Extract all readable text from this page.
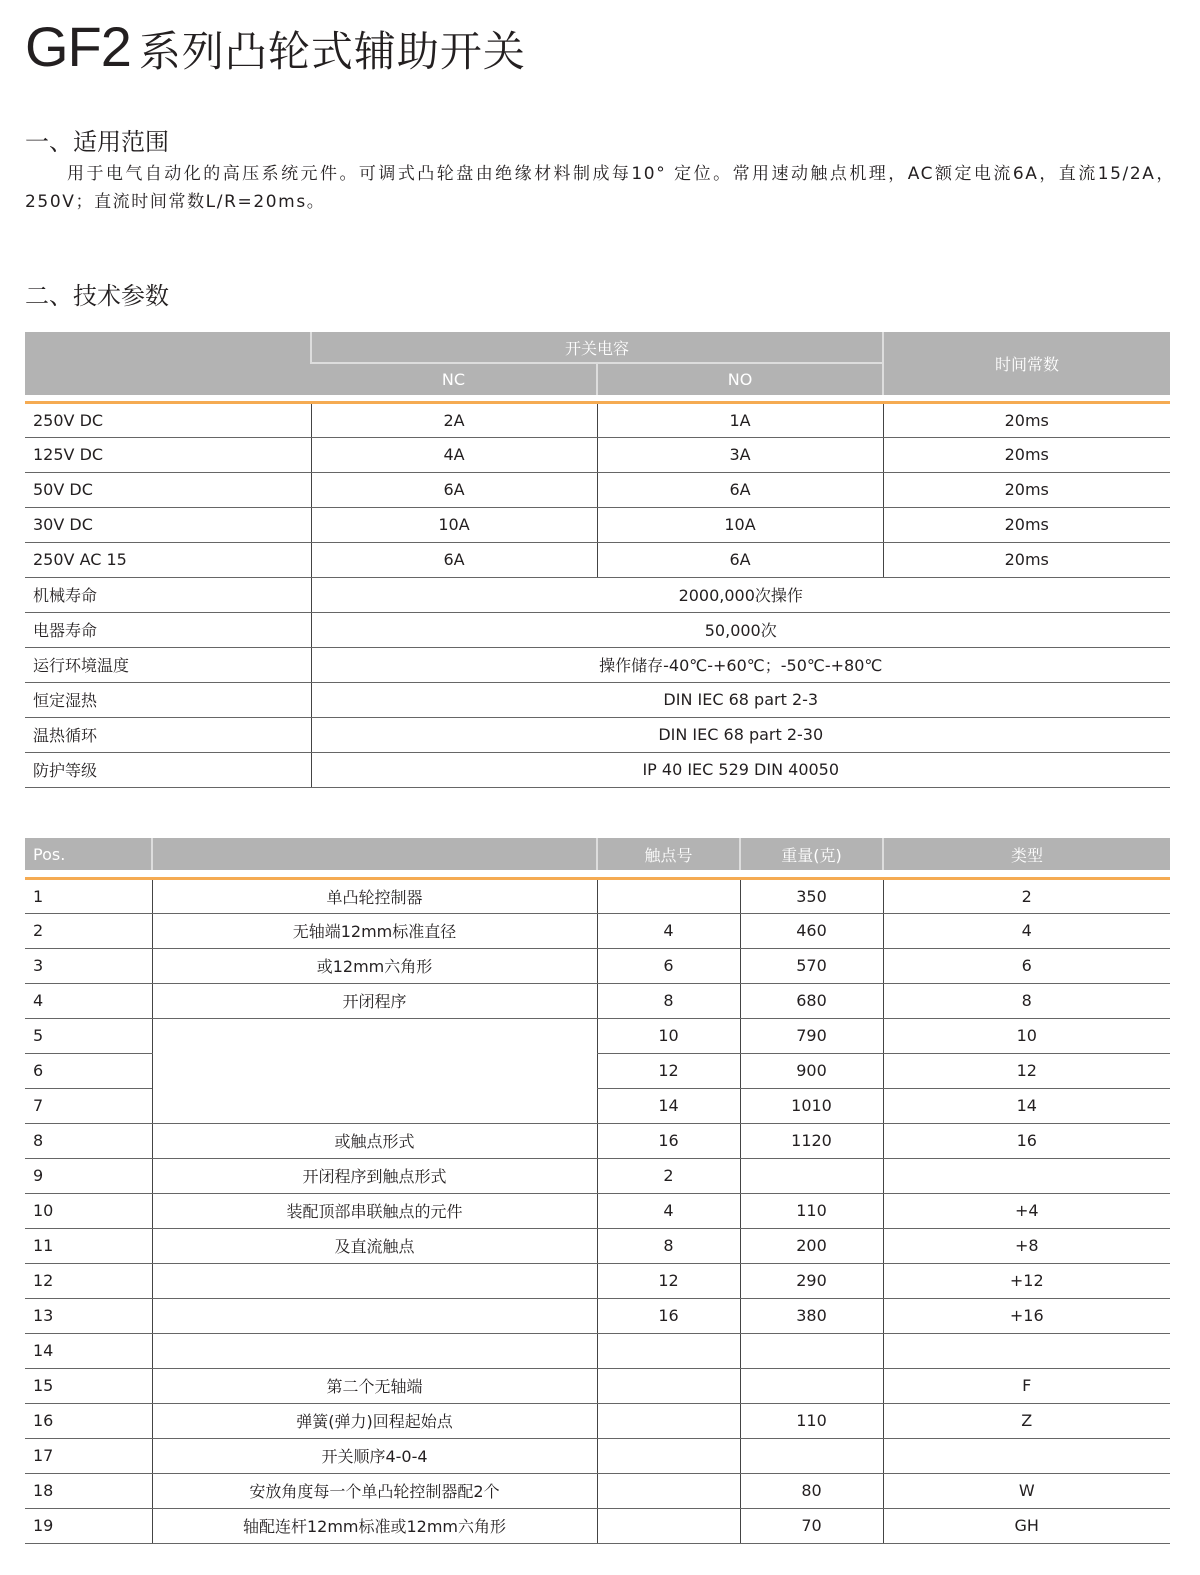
GF2 系列凸轮式辅助开关
一、适用范围
用于电气自动化的高压系统元件。可调式凸轮盘由绝缘材料制成每10° 定位。常用速动触点机理，AC额定电流6A，直流15/2A，250V；直流时间常数L/R=20ms。
二、技术参数
	开关电容		时间常数
	NC	NO	

250V DC	2A	1A	20ms
125V DC	4A	3A	20ms
50V DC	6A	6A	20ms
30V DC	10A	10A	20ms
250V AC 15	6A	6A	20ms
机械寿命	2000,000次操作		
电器寿命	50,000次		
运行环境温度	操作储存-40℃-+60℃；-50℃-+80℃		
恒定湿热	DIN IEC 68 part 2-3		
温热循环	DIN IEC 68 part 2-30		
防护等级	IP 40 IEC 529 DIN 40050		
Pos.		触点号	重量(克)	类型

1	单凸轮控制器		350	2
2	无轴端12mm标准直径	4	460	4
3	或12mm六角形	6	570	6
4	开闭程序	8	680	8
5		10	790	10
6		12	900	12
7		14	1010	14
8	或触点形式	16	1120	16
9	开闭程序到触点形式	2		
10	装配顶部串联触点的元件	4	110	+4
11	及直流触点	8	200	+8
12		12	290	+12
13		16	380	+16
14				
15	第二个无轴端			F
16	弹簧(弹力)回程起始点		110	Z
17	开关顺序4-0-4			
18	安放角度每一个单凸轮控制器配2个		80	W
19	轴配连杆12mm标准或12mm六角形		70	GH
